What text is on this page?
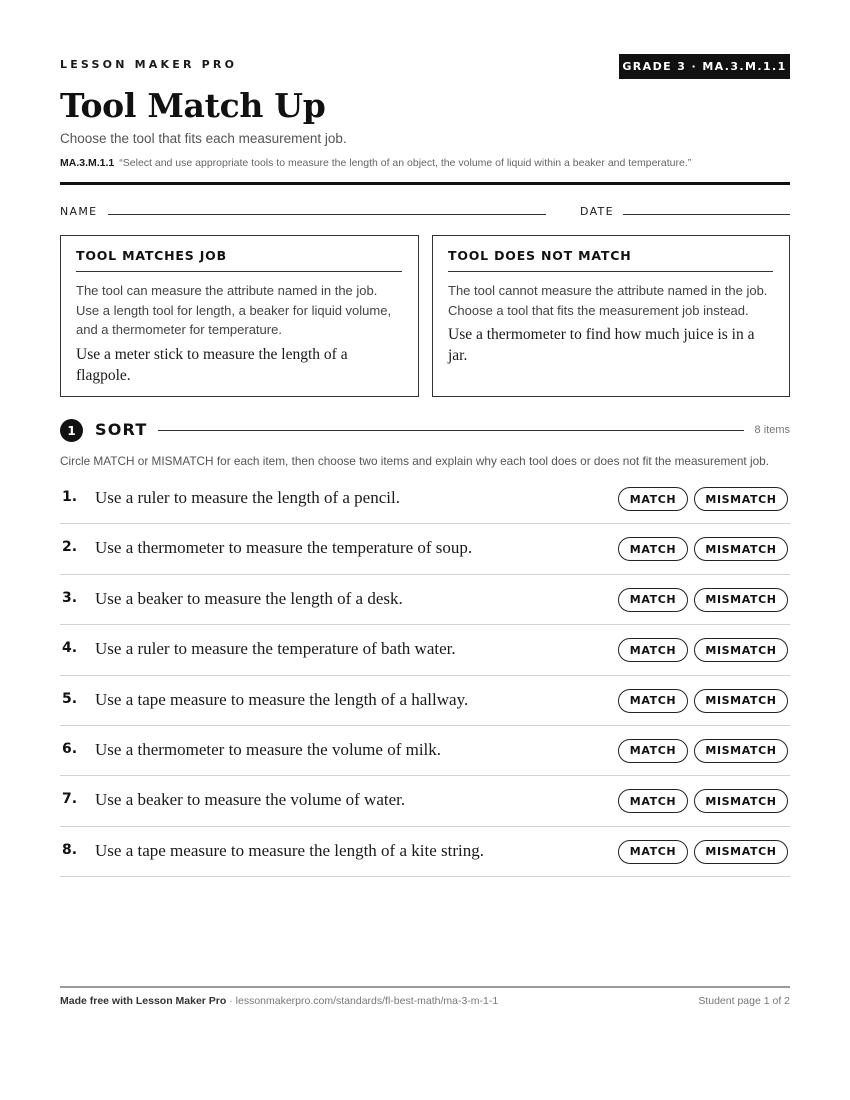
LESSON MAKER PRO	GRADE 3 · MA.3.M.1.1
Tool Match Up
Choose the tool that fits each measurement job.
MA.3.M.1.1 “Select and use appropriate tools to measure the length of an object, the volume of liquid within a beaker and temperature.”
NAME	DATE
TOOL MATCHES JOB
The tool can measure the attribute named in the job. Use a length tool for length, a beaker for liquid volume, and a thermometer for temperature.
Use a meter stick to measure the length of a flagpole.
TOOL DOES NOT MATCH
The tool cannot measure the attribute named in the job. Choose a tool that fits the measurement job instead.
Use a thermometer to find how much juice is in a jar.
1	SORT	8 items
Circle MATCH or MISMATCH for each item, then choose two items and explain why each tool does or does not fit the measurement job.
1. Use a ruler to measure the length of a pencil.	MATCH	MISMATCH
2. Use a thermometer to measure the temperature of soup.	MATCH	MISMATCH
3. Use a beaker to measure the length of a desk.	MATCH	MISMATCH
4. Use a ruler to measure the temperature of bath water.	MATCH	MISMATCH
5. Use a tape measure to measure the length of a hallway.	MATCH	MISMATCH
6. Use a thermometer to measure the volume of milk.	MATCH	MISMATCH
7. Use a beaker to measure the volume of water.	MATCH	MISMATCH
8. Use a tape measure to measure the length of a kite string.	MATCH	MISMATCH
Made free with Lesson Maker Pro · lessonmakerpro.com/standards/fl-best-math/ma-3-m-1-1	Student page 1 of 2
